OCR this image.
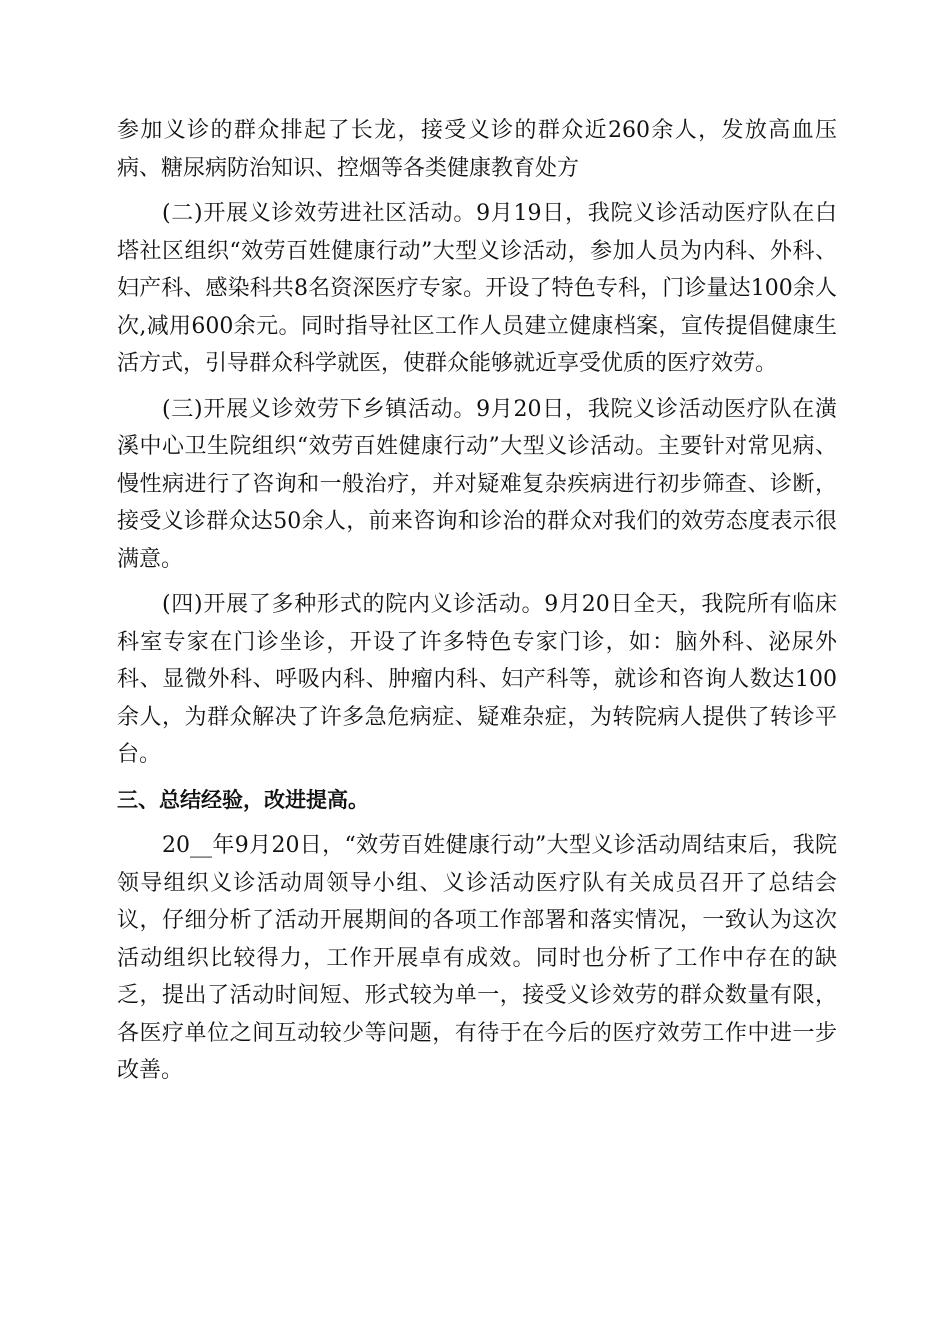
参加义诊的群众排起了长龙，接受义诊的群众近260余人，发放高血压病、糖尿病防治知识、控烟等各类健康教育处方

(二)开展义诊效劳进社区活动。9月19日，我院义诊活动医疗队在白塔社区组织“效劳百姓健康行动”大型义诊活动，参加人员为内科、外科、妇产科、感染科共8名资深医疗专家。开设了特色专科，门诊量达100余人次,减用600余元。同时指导社区工作人员建立健康档案，宣传提倡健康生活方式，引导群众科学就医，使群众能够就近享受优质的医疗效劳。

(三)开展义诊效劳下乡镇活动。9月20日，我院义诊活动医疗队在潢溪中心卫生院组织“效劳百姓健康行动”大型义诊活动。主要针对常见病、慢性病进行了咨询和一般治疗，并对疑难复杂疾病进行初步筛查、诊断，接受义诊群众达50余人，前来咨询和诊治的群众对我们的效劳态度表示很满意。

(四)开展了多种形式的院内义诊活动。9月20日全天，我院所有临床科室专家在门诊坐诊，开设了许多特色专家门诊，如：脑外科、泌尿外科、显微外科、呼吸内科、肿瘤内科、妇产科等，就诊和咨询人数达100余人，为群众解决了许多急危病症、疑难杂症，为转院病人提供了转诊平台。

三、总结经验，改进提高。

20__年9月20日，“效劳百姓健康行动”大型义诊活动周结束后，我院领导组织义诊活动周领导小组、义诊活动医疗队有关成员召开了总结会议，仔细分析了活动开展期间的各项工作部署和落实情况，一致认为这次活动组织比较得力，工作开展卓有成效。同时也分析了工作中存在的缺乏，提出了活动时间短、形式较为单一，接受义诊效劳的群众数量有限，各医疗单位之间互动较少等问题，有待于在今后的医疗效劳工作中进一步改善。
